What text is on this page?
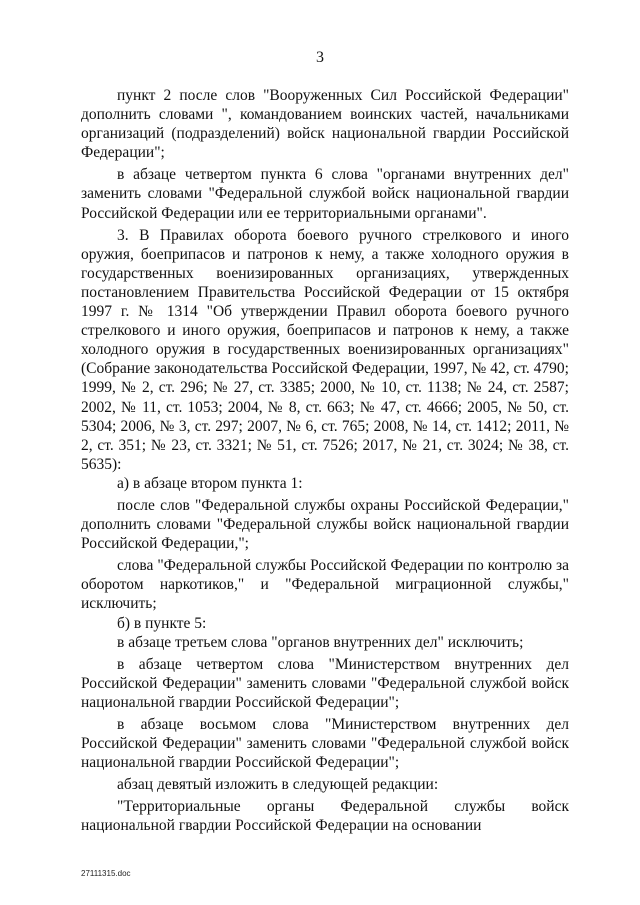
3

пункт 2 после слов "Вооруженных Сил Российской Федерации" дополнить словами ", командованием воинских частей, начальниками организаций (подразделений) войск национальной гвардии Российской Федерации";

в абзаце четвертом пункта 6 слова "органами внутренних дел" заменить словами "Федеральной службой войск национальной гвардии Российской Федерации или ее территориальными органами".

3. В Правилах оборота боевого ручного стрелкового и иного оружия, боеприпасов и патронов к нему, а также холодного оружия в государственных военизированных организациях, утвержденных постановлением Правительства Российской Федерации от 15 октября 1997 г. № 1314 "Об утверждении Правил оборота боевого ручного стрелкового и иного оружия, боеприпасов и патронов к нему, а также холодного оружия в государственных военизированных организациях" (Собрание законодательства Российской Федерации, 1997, № 42, ст. 4790; 1999, № 2, ст. 296; № 27, ст. 3385; 2000, № 10, ст. 1138; № 24, ст. 2587; 2002, № 11, ст. 1053; 2004, № 8, ст. 663; № 47, ст. 4666; 2005, № 50, ст. 5304; 2006, № 3, ст. 297; 2007, № 6, ст. 765; 2008, № 14, ст. 1412; 2011, № 2, ст. 351; № 23, ст. 3321; № 51, ст. 7526; 2017, № 21, ст. 3024; № 38, ст. 5635):

а) в абзаце втором пункта 1:

после слов "Федеральной службы охраны Российской Федерации," дополнить словами "Федеральной службы войск национальной гвардии Российской Федерации,";

слова "Федеральной службы Российской Федерации по контролю за оборотом наркотиков," и "Федеральной миграционной службы," исключить;

б) в пункте 5:

в абзаце третьем слова "органов внутренних дел" исключить;

в абзаце четвертом слова "Министерством внутренних дел Российской Федерации" заменить словами "Федеральной службой войск национальной гвардии Российской Федерации";

в абзаце восьмом слова "Министерством внутренних дел Российской Федерации" заменить словами "Федеральной службой войск национальной гвардии Российской Федерации";

абзац девятый изложить в следующей редакции:

"Территориальные органы Федеральной службы войск национальной гвардии Российской Федерации на основании

27111315.doc
